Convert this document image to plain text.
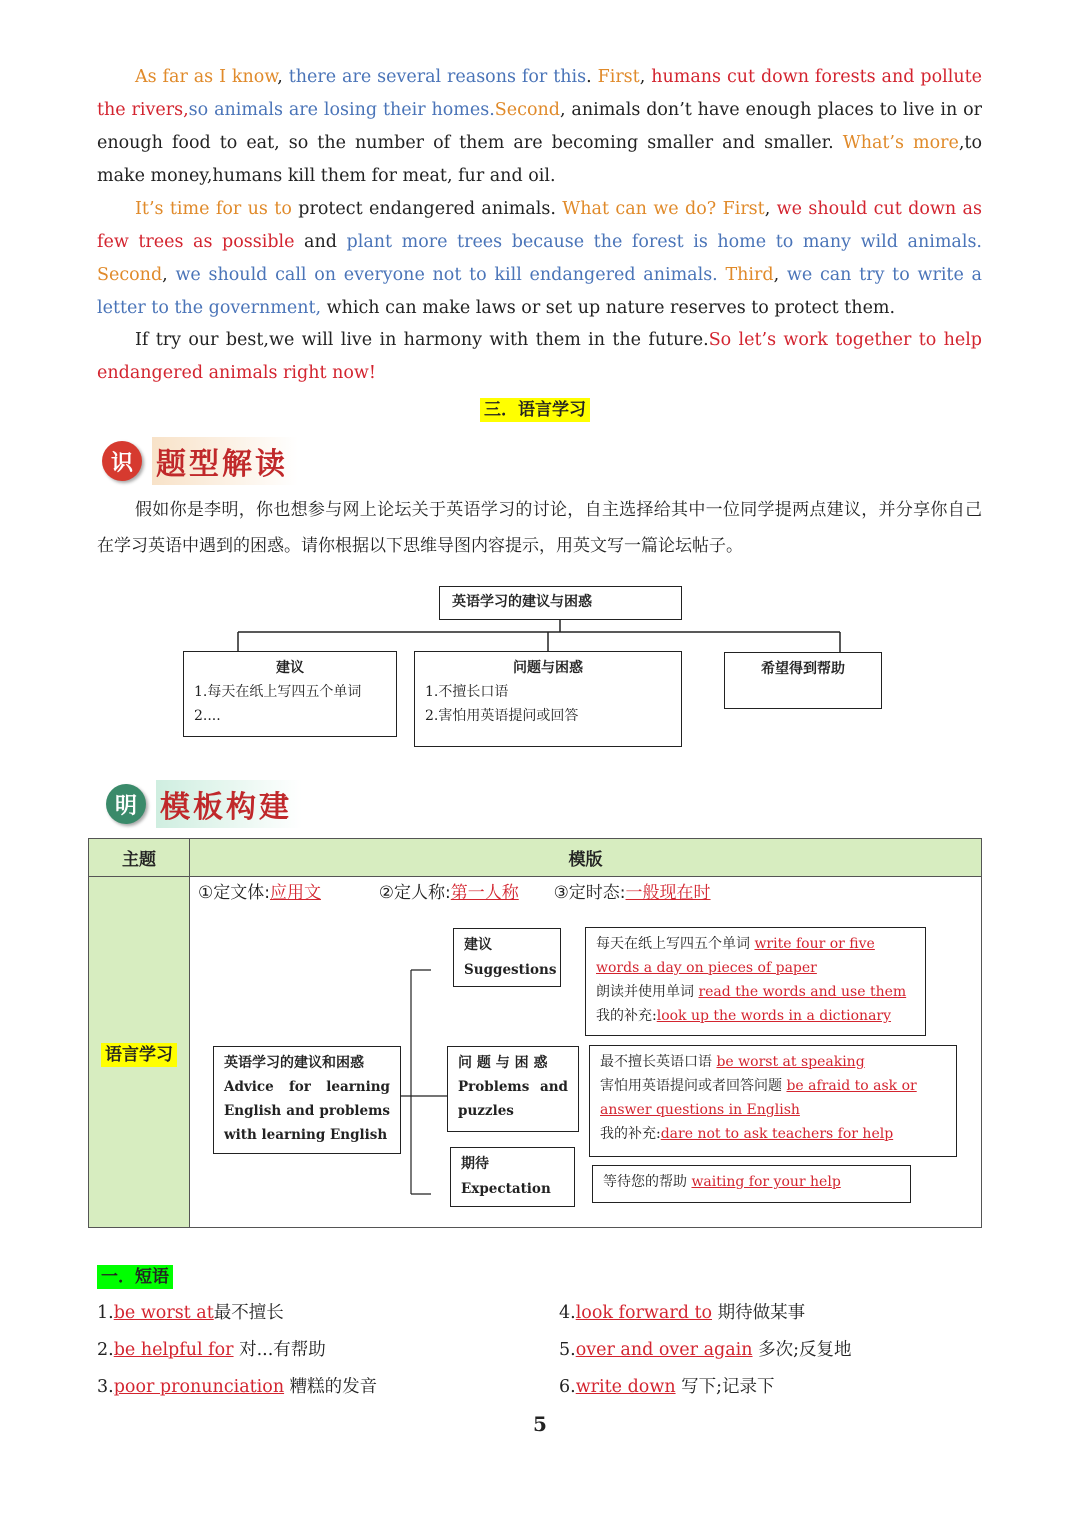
As far as I know, there are several reasons for this. First, humans cut down forests and pollute the rivers,so animals are losing their homes.Second, animals don’t have enough places to live in or enough food to eat, so the number of them are becoming smaller and smaller. What’s more,to make money,humans kill them for meat, fur and oil.
It’s time for us to protect endangered animals. What can we do? First, we should cut down as few trees as possible and plant more trees because the forest is home to many wild animals. Second, we should call on everyone not to kill endangered animals. Third, we can try to write a letter to the government, which can make laws or set up nature reserves to protect them.
If try our best,we will live in harmony with them in the future.So let’s work together to help endangered animals right now!
三．语言学习
识 题型解读
假如你是李明，你也想参与网上论坛关于英语学习的讨论，自主选择给其中一位同学提两点建议，并分享你自己在学习英语中遇到的困惑。请你根据以下思维导图内容提示，用英文写一篇论坛帖子。
英语学习的建议与困惑
建议
1.每天在纸上写四五个单词
2....
问题与困惑
1.不擅长口语
2.害怕用英语提问或回答
希望得到帮助
明 模板构建
主题	模版
语言学习	
①定文体:应用文	②定人称:第一人称 ③定时态:一般现在时
英语学习的建议和困惑
Advice for learning English and problems with learning English
建议
Suggestions
问 题 与 困 惑
Problems and puzzles
期待
Expectation
每天在纸上写四五个单词 write four or five words a day on pieces of paper
朗读并使用单词 read the words and use them
我的补充:look up the words in a dictionary
最不擅长英语口语 be worst at speaking
害怕用英语提问或者回答问题 be afraid to ask or answer questions in English
我的补充:dare not to ask teachers for help
等待您的帮助 waiting for your help
一．短语
1.be worst at最不擅长
2.be helpful for 对...有帮助
3.poor pronunciation 糟糕的发音
4.look forward to 期待做某事
5.over and over again 多次;反复地
6.write down 写下;记录下
5
